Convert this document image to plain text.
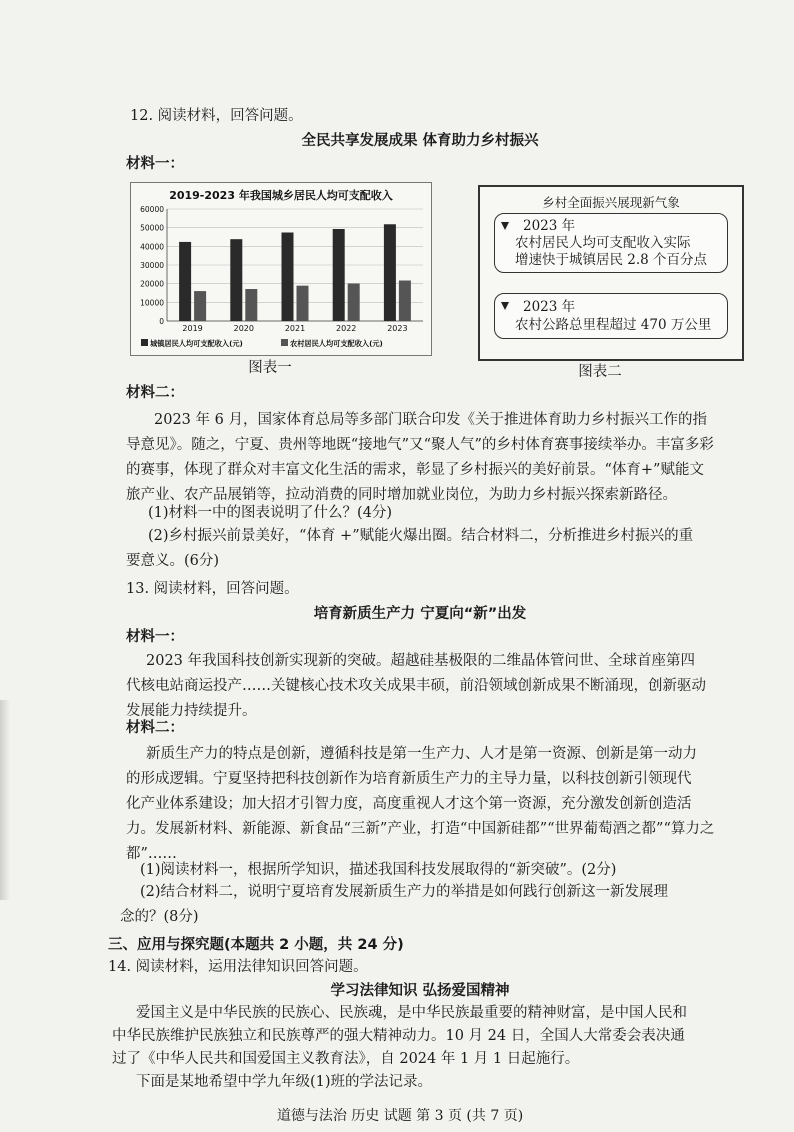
12. 阅读材料，回答问题。
全民共享发展成果 体育助力乡村振兴
材料一：
2019-2023 年我国城乡居民人均可支配收入
60000
50000
40000
30000
20000
10000
0
2019	2020	2021	2022	2023
城镇居民人均可支配收入(元)	农村居民人均可支配收入(元)
图表一
乡村全面振兴展现新气象
2023 年
农村居民人均可支配收入实际
增速快于城镇居民 2.8 个百分点
2023 年
农村公路总里程超过 470 万公里
图表二
材料二：
2023 年 6 月，国家体育总局等多部门联合印发《关于推进体育助力乡村振兴工作的指
导意见》。随之，宁夏、贵州等地既“接地气”又“聚人气”的乡村体育赛事接续举办。丰富多彩
的赛事，体现了群众对丰富文化生活的需求，彰显了乡村振兴的美好前景。“体育+”赋能文
旅产业、农产品展销等，拉动消费的同时增加就业岗位，为助力乡村振兴探索新路径。
(1)材料一中的图表说明了什么？(4分)
(2)乡村振兴前景美好，“体育 +”赋能火爆出圈。结合材料二，分析推进乡村振兴的重
要意义。(6分)
13. 阅读材料，回答问题。
培育新质生产力 宁夏向“新”出发
材料一：
2023 年我国科技创新实现新的突破。超越硅基极限的二维晶体管问世、全球首座第四
代核电站商运投产……关键核心技术攻关成果丰硕，前沿领域创新成果不断涌现，创新驱动
发展能力持续提升。
材料二：
新质生产力的特点是创新，遵循科技是第一生产力、人才是第一资源、创新是第一动力
的形成逻辑。宁夏坚持把科技创新作为培育新质生产力的主导力量，以科技创新引领现代
化产业体系建设；加大招才引智力度，高度重视人才这个第一资源，充分激发创新创造活
力。发展新材料、新能源、新食品“三新”产业，打造“中国新硅都”“世界葡萄酒之都”“算力之
都”……
(1)阅读材料一，根据所学知识，描述我国科技发展取得的“新突破”。(2分)
(2)结合材料二，说明宁夏培育发展新质生产力的举措是如何践行创新这一新发展理
念的？(8分)
三、应用与探究题(本题共 2 小题，共 24 分)
14. 阅读材料，运用法律知识回答问题。
学习法律知识 弘扬爱国精神
爱国主义是中华民族的民族心、民族魂，是中华民族最重要的精神财富，是中国人民和
中华民族维护民族独立和民族尊严的强大精神动力。10 月 24 日，全国人大常委会表决通
过了《中华人民共和国爱国主义教育法》，自 2024 年 1 月 1 日起施行。
下面是某地希望中学九年级(1)班的学法记录。
道德与法治 历史 试题 第 3 页 (共 7 页)
